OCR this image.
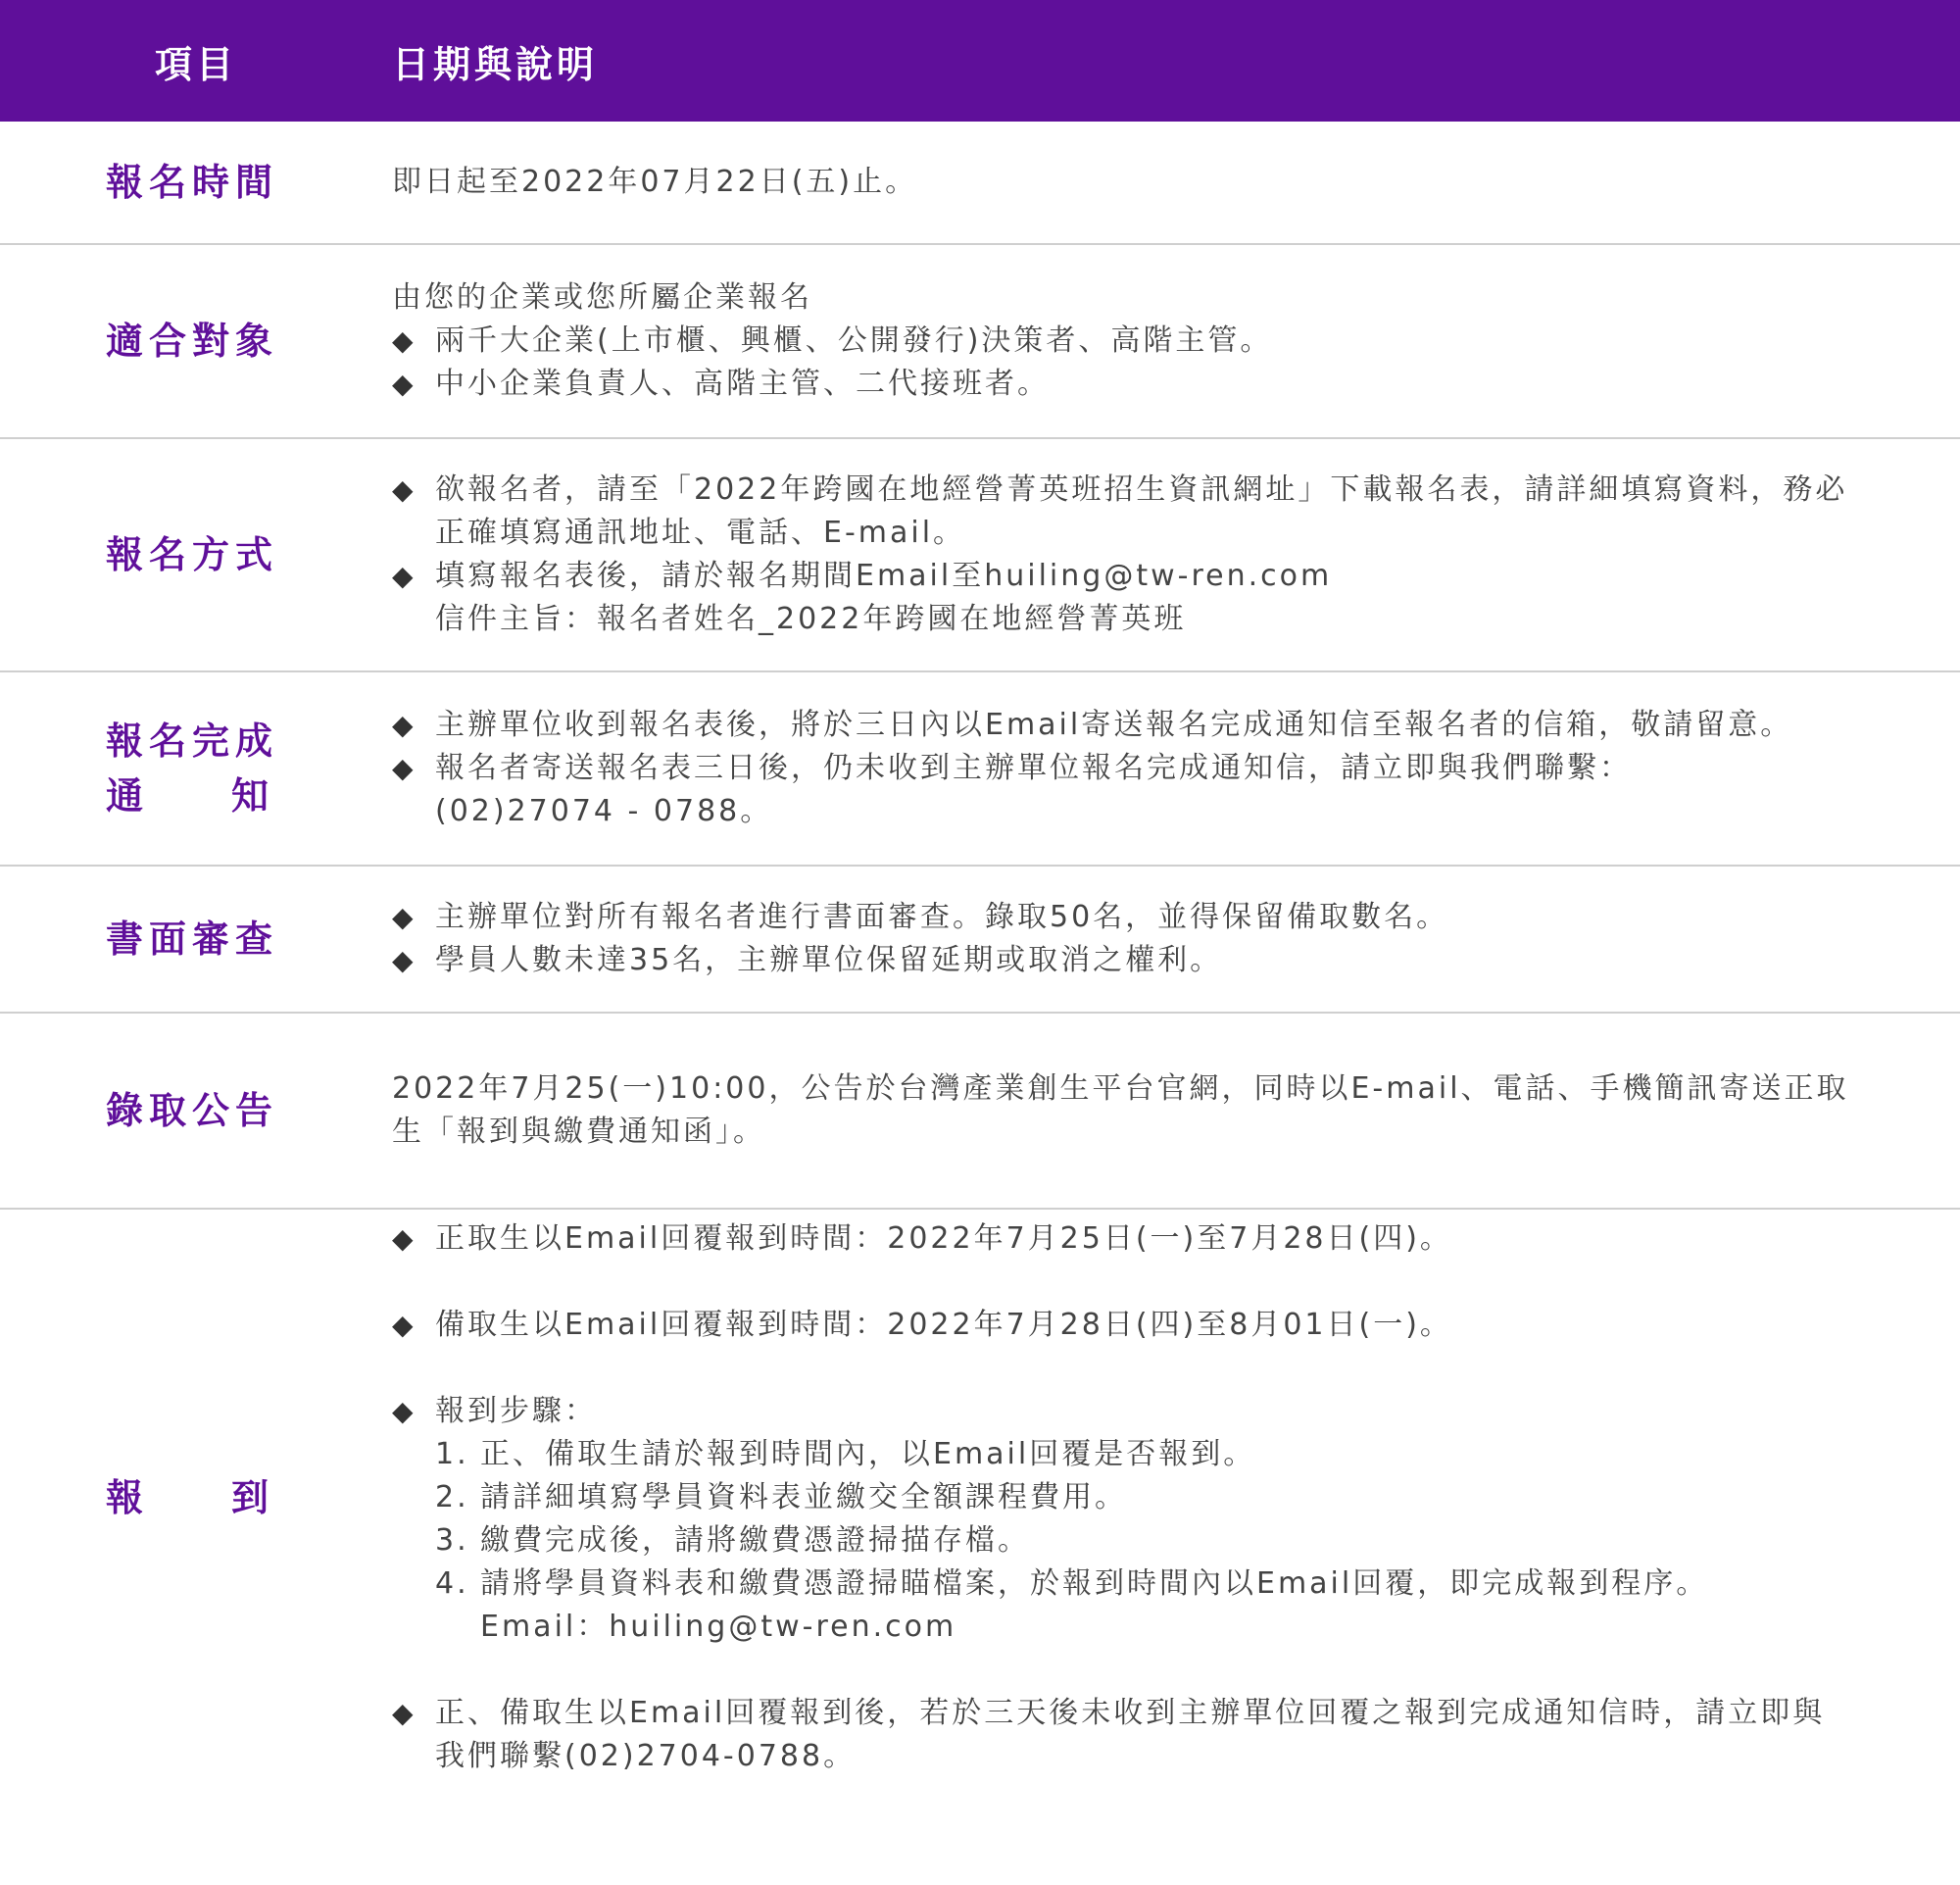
項目	日期與說明
報名時間	即日起至2022年07月22日(五)止。
適合對象
由您的企業或您所屬企業報名
◆ 兩千大企業(上市櫃、興櫃、公開發行)決策者、高階主管。
◆ 中小企業負責人、高階主管、二代接班者。
報名方式
◆ 欲報名者，請至「2022年跨國在地經營菁英班招生資訊網址」下載報名表，請詳細填寫資料，務必
正確填寫通訊地址、電話、E-mail。
◆ 填寫報名表後，請於報名期間Email至huiling@tw-ren.com
信件主旨：報名者姓名_2022年跨國在地經營菁英班
報名完成
通 知
◆ 主辦單位收到報名表後，將於三日內以Email寄送報名完成通知信至報名者的信箱，敬請留意。
◆ 報名者寄送報名表三日後，仍未收到主辦單位報名完成通知信，請立即與我們聯繫：
(02)27074 - 0788。
書面審查
◆ 主辦單位對所有報名者進行書面審查。錄取50名，並得保留備取數名。
◆ 學員人數未達35名，主辦單位保留延期或取消之權利。
錄取公告
2022年7月25(一)10:00，公告於台灣產業創生平台官網，同時以E-mail、電話、手機簡訊寄送正取
生「報到與繳費通知函」。
報 到
◆ 正取生以Email回覆報到時間：2022年7月25日(一)至7月28日(四)。
◆ 備取生以Email回覆報到時間：2022年7月28日(四)至8月01日(一)。
◆ 報到步驟：
1. 正、備取生請於報到時間內，以Email回覆是否報到。
2. 請詳細填寫學員資料表並繳交全額課程費用。
3. 繳費完成後，請將繳費憑證掃描存檔。
4. 請將學員資料表和繳費憑證掃瞄檔案，於報到時間內以Email回覆，即完成報到程序。
Email：huiling@tw-ren.com
◆ 正、備取生以Email回覆報到後，若於三天後未收到主辦單位回覆之報到完成通知信時，請立即與
我們聯繫(02)2704-0788。
